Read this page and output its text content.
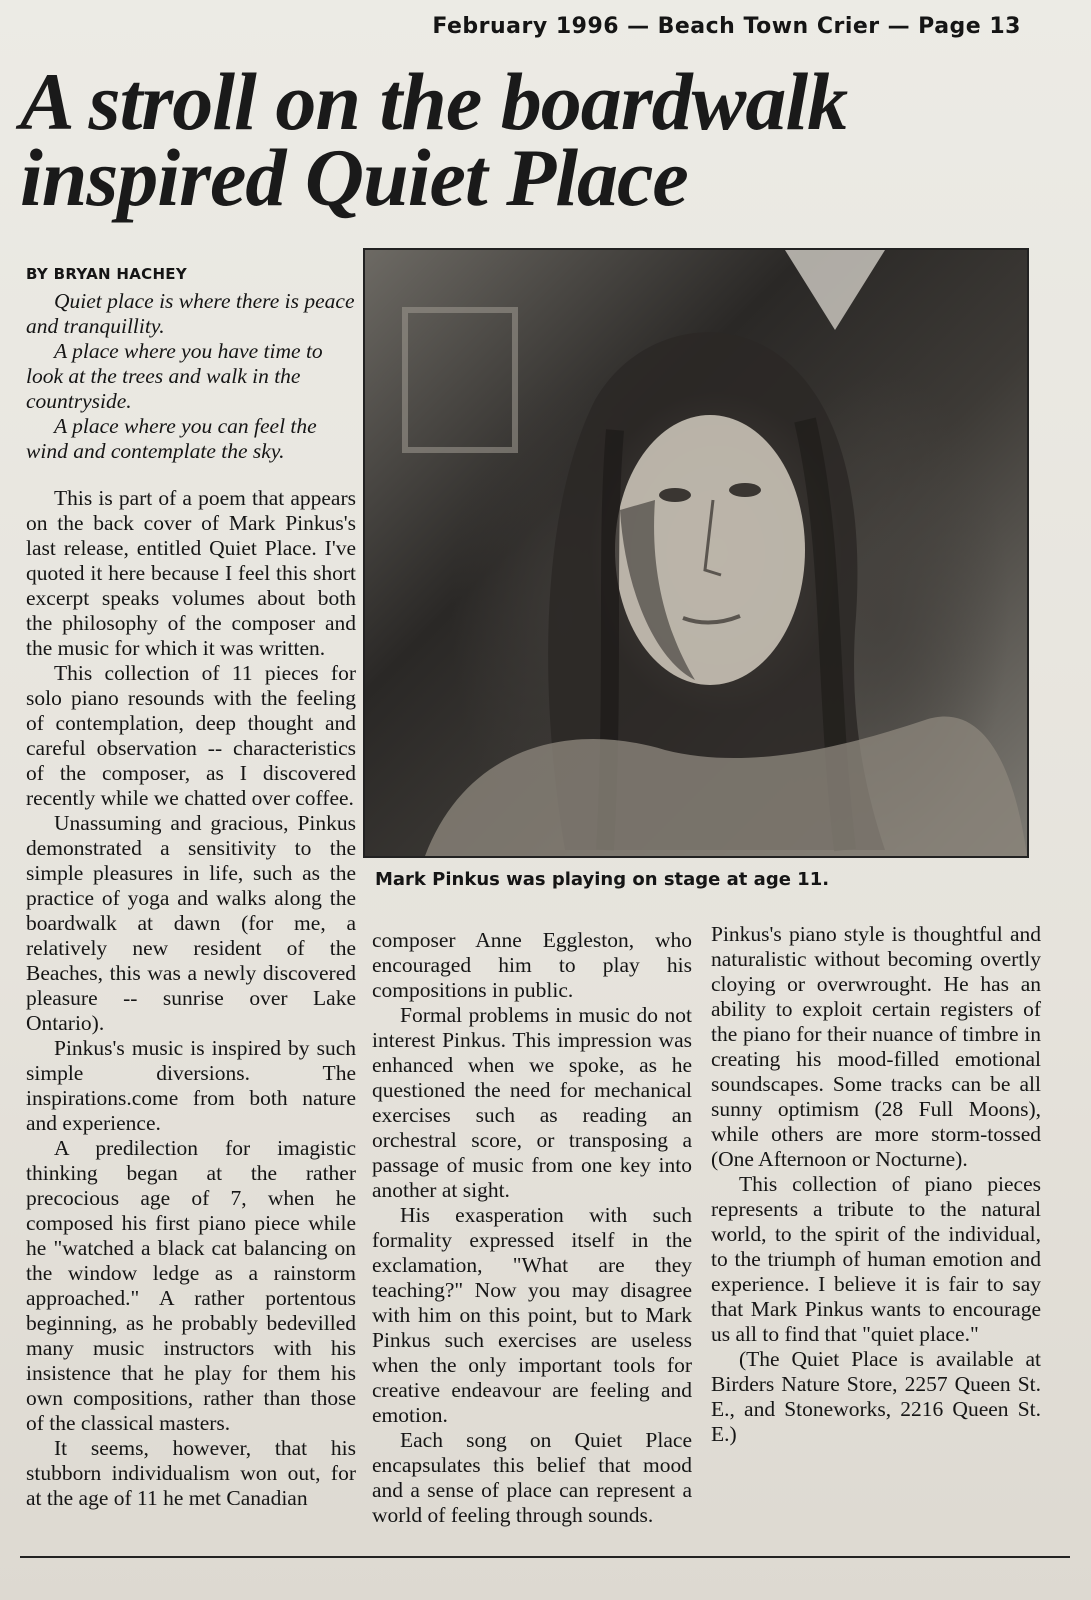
February 1996 — Beach Town Crier — Page 13
A stroll on the boardwalk
inspired Quiet Place

BY BRYAN HACHEY

Quiet place is where there is peace and tranquillity.

A place where you have time to look at the trees and walk in the countryside.

A place where you can feel the wind and contemplate the sky.

This is part of a poem that appears on the back cover of Mark Pinkus's last release, entitled Quiet Place. I've quoted it here because I feel this short excerpt speaks volumes about both the philosophy of the composer and the music for which it was written.

This collection of 11 pieces for solo piano resounds with the feeling of contemplation, deep thought and careful observation -- characteristics of the composer, as I discovered recently while we chatted over coffee.

Unassuming and gracious, Pinkus demonstrated a sensitivity to the simple pleasures in life, such as the practice of yoga and walks along the boardwalk at dawn (for me, a relatively new resident of the Beaches, this was a newly discovered pleasure -- sunrise over Lake Ontario).

Pinkus's music is inspired by such simple diversions. The inspirations.come from both nature and experience.

A predilection for imagistic thinking began at the rather precocious age of 7, when he composed his first piano piece while he "watched a black cat balancing on the window ledge as a rainstorm approached." A rather portentous beginning, as he probably bedevilled many music instructors with his insistence that he play for them his own compositions, rather than those of the classical masters.

It seems, however, that his stubborn individualism won out, for at the age of 11 he met Canadian

Mark Pinkus was playing on stage at age 11.

composer Anne Eggleston, who encouraged him to play his compositions in public.

Formal problems in music do not interest Pinkus. This impression was enhanced when we spoke, as he questioned the need for mechanical exercises such as reading an orchestral score, or transposing a passage of music from one key into another at sight.

His exasperation with such formality expressed itself in the exclamation, "What are they teaching?" Now you may disagree with him on this point, but to Mark Pinkus such exercises are useless when the only important tools for creative endeavour are feeling and emotion.

Each song on Quiet Place encapsulates this belief that mood and a sense of place can represent a world of feeling through sounds.

Pinkus's piano style is thoughtful and naturalistic without becoming overtly cloying or overwrought. He has an ability to exploit certain registers of the piano for their nuance of timbre in creating his mood-filled emotional soundscapes. Some tracks can be all sunny optimism (28 Full Moons), while others are more storm-tossed (One Afternoon or Nocturne).

This collection of piano pieces represents a tribute to the natural world, to the spirit of the individual, to the triumph of human emotion and experience. I believe it is fair to say that Mark Pinkus wants to encourage us all to find that "quiet place."

(The Quiet Place is available at Birders Nature Store, 2257 Queen St. E., and Stoneworks, 2216 Queen St. E.)
